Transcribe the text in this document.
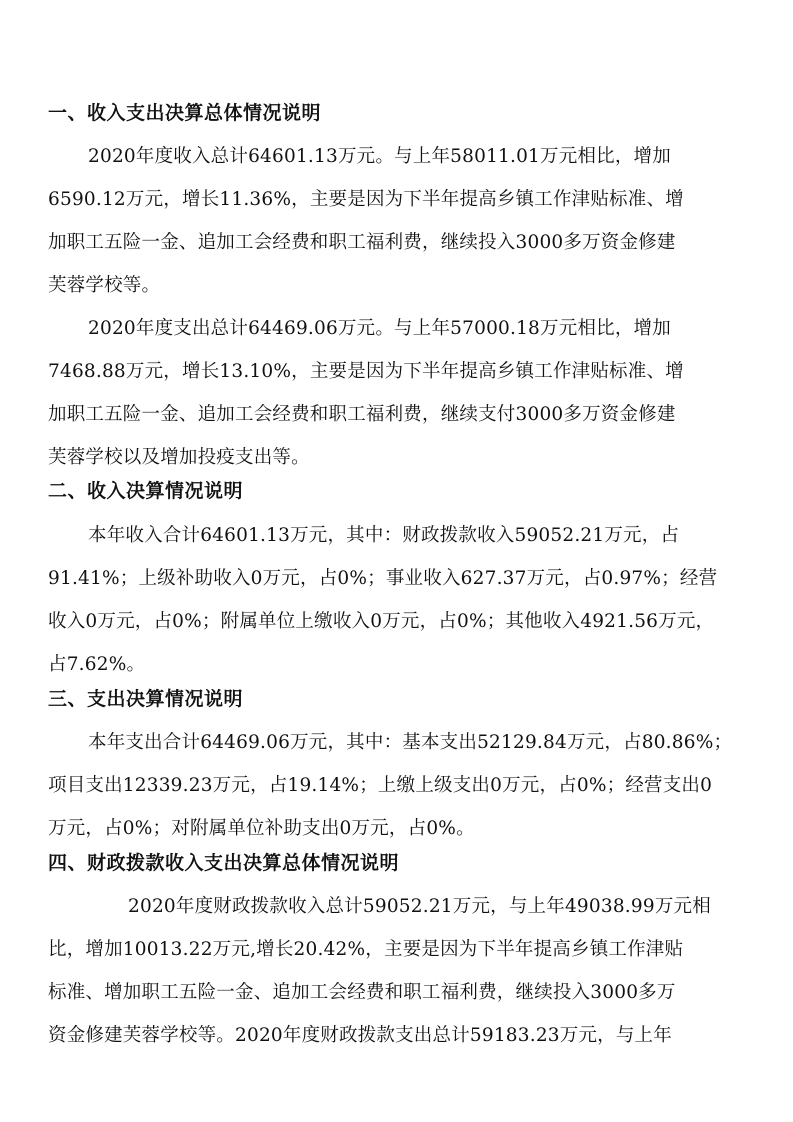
一、收入支出决算总体情况说明
2020年度收入总计64601.13万元。与上年58011.01万元相比，增加
6590.12万元，增长11.36%，主要是因为下半年提高乡镇工作津贴标准、增
加职工五险一金、追加工会经费和职工福利费，继续投入3000多万资金修建
芙蓉学校等。
2020年度支出总计64469.06万元。与上年57000.18万元相比，增加
7468.88万元，增长13.10%，主要是因为下半年提高乡镇工作津贴标准、增
加职工五险一金、追加工会经费和职工福利费，继续支付3000多万资金修建
芙蓉学校以及增加投疫支出等。
二、收入决算情况说明
本年收入合计64601.13万元，其中：财政拨款收入59052.21万元，占
91.41%；上级补助收入0万元，占0%；事业收入627.37万元，占0.97%；经营
收入0万元，占0%；附属单位上缴收入0万元，占0%；其他收入4921.56万元，
占7.62%。
三、支出决算情况说明
本年支出合计64469.06万元，其中：基本支出52129.84万元，占80.86%；
项目支出12339.23万元，占19.14%；上缴上级支出0万元，占0%；经营支出0
万元，占0%；对附属单位补助支出0万元，占0%。
四、财政拨款收入支出决算总体情况说明
2020年度财政拨款收入总计59052.21万元，与上年49038.99万元相
比，增加10013.22万元,增长20.42%，主要是因为下半年提高乡镇工作津贴
标准、增加职工五险一金、追加工会经费和职工福利费，继续投入3000多万
资金修建芙蓉学校等。2020年度财政拨款支出总计59183.23万元，与上年
